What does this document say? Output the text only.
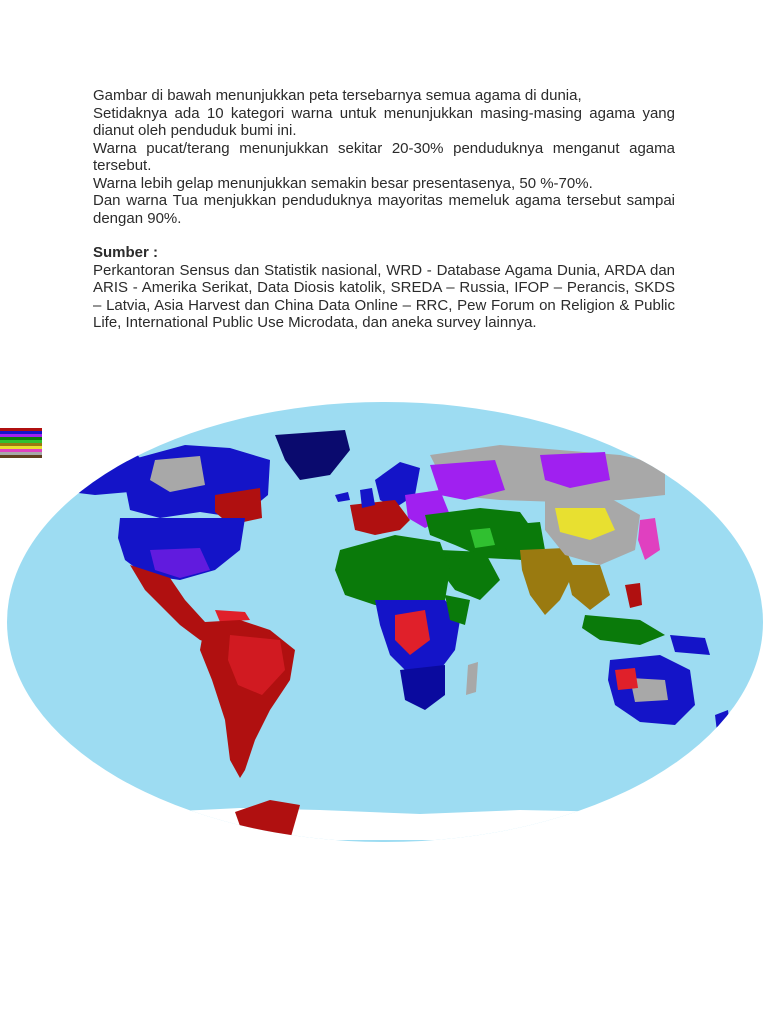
Gambar di bawah menunjukkan peta tersebarnya semua agama di dunia,

Setidaknya ada 10 kategori warna untuk menunjukkan masing-masing agama yang dianut oleh penduduk bumi ini.

Warna pucat/terang menunjukkan sekitar 20-30% penduduknya menganut agama tersebut.

Warna lebih gelap menunjukkan semakin besar presentasenya, 50 %-70%.

Dan warna Tua menjukkan penduduknya mayoritas memeluk agama tersebut sampai dengan 90%.

Sumber :

Perkantoran Sensus dan Statistik nasional, WRD - Database Agama Dunia, ARDA dan ARIS - Amerika Serikat, Data Diosis katolik, SREDA – Russia, IFOP – Perancis, SKDS – Latvia, Asia Harvest dan China Data Online – RRC, Pew Forum on Religion & Public Life, International Public Use Microdata, dan aneka survey lainnya.
